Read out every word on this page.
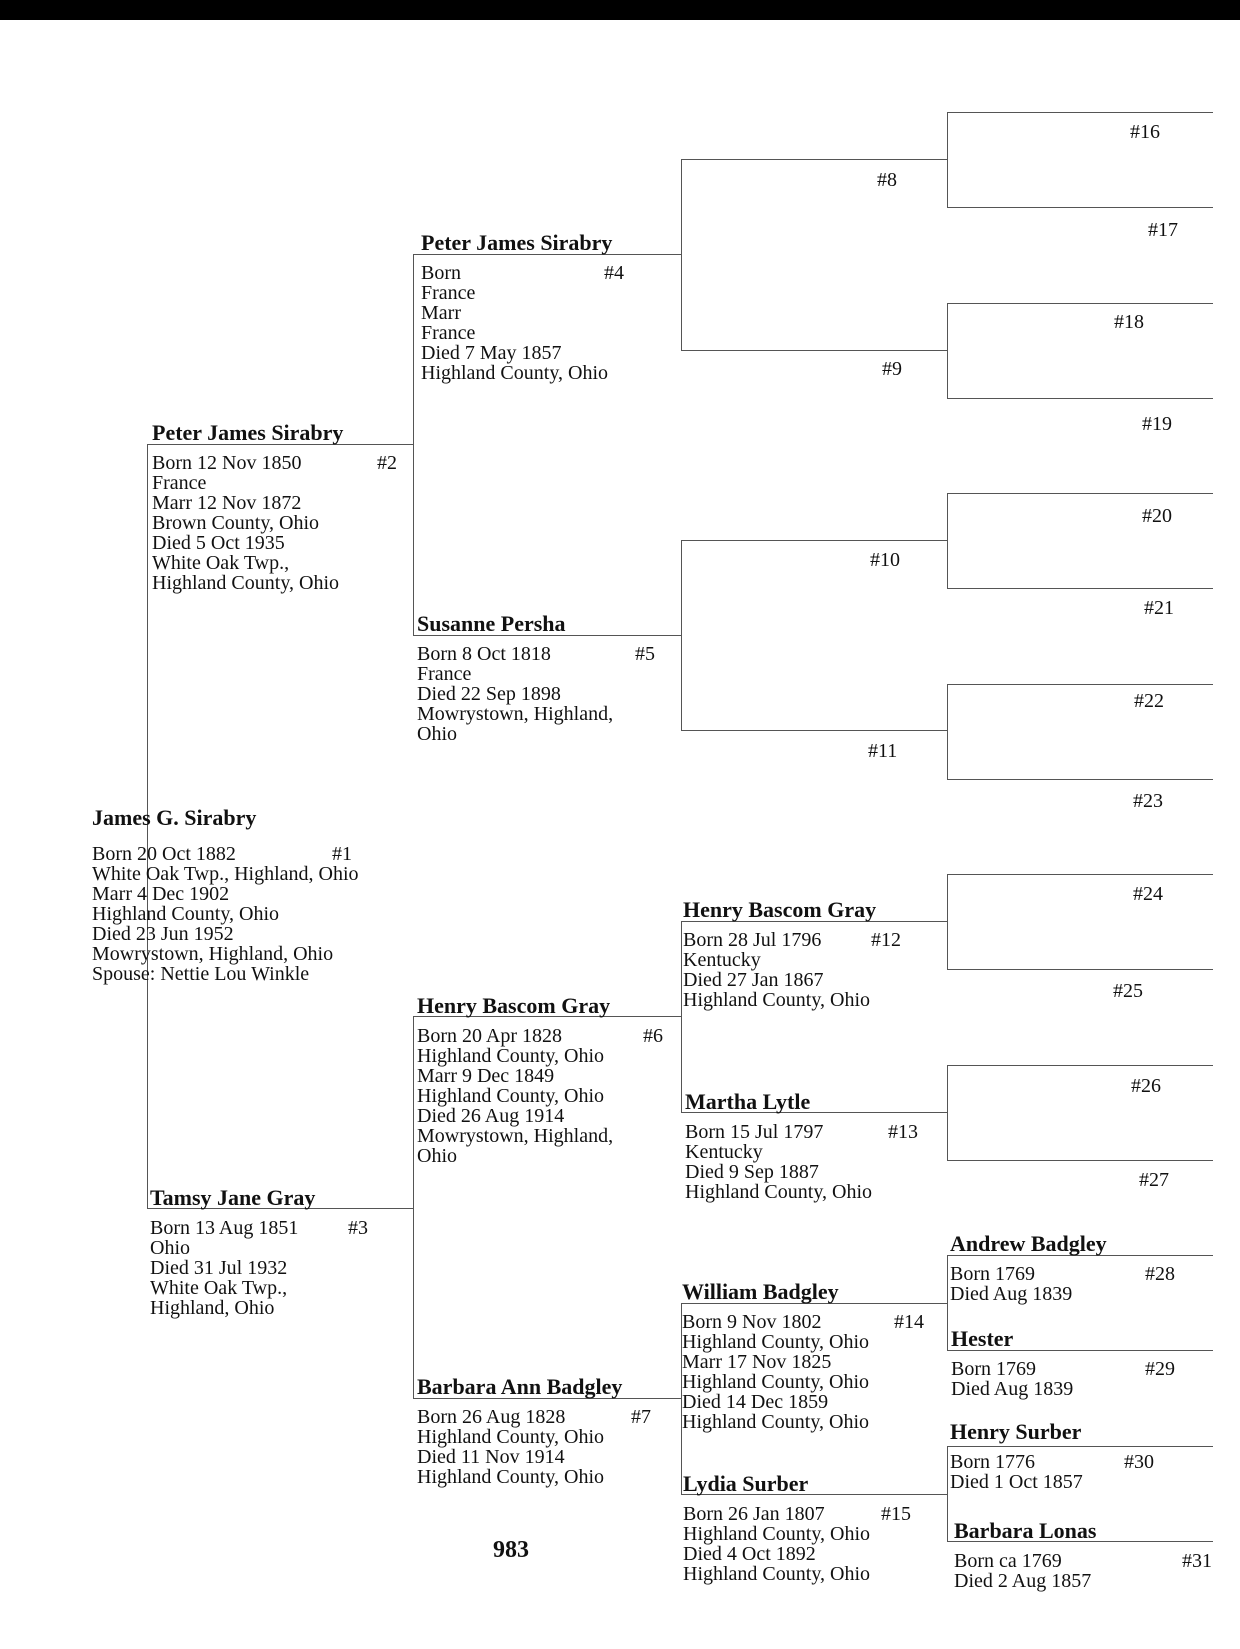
James G. Sirabry
Born 20 Oct 1882	#1
White Oak Twp., Highland, Ohio
Marr 4 Dec 1902
Highland County, Ohio
Died 23 Jun 1952
Mowrystown, Highland, Ohio
Spouse: Nettie Lou Winkle
Peter James Sirabry
Born 12 Nov 1850	#2
France
Marr 12 Nov 1872
Brown County, Ohio
Died 5 Oct 1935
White Oak Twp.,
Highland County, Ohio
Tamsy Jane Gray
Born 13 Aug 1851 #3
Ohio
Died 31 Jul 1932
White Oak Twp.,
Highland, Ohio
Peter James Sirabry
Born	#4
France
Marr
France
Died 7 May 1857
Highland County, Ohio
Susanne Persha
Born 8 Oct 1818	#5
France
Died 22 Sep 1898
Mowrystown, Highland,
Ohio
Henry Bascom Gray
Born 20 Apr 1828	#6
Highland County, Ohio
Marr 9 Dec 1849
Highland County, Ohio
Died 26 Aug 1914
Mowrystown, Highland,
Ohio
Barbara Ann Badgley
Born 26 Aug 1828	#7
Highland County, Ohio
Died 11 Nov 1914
Highland County, Ohio
Henry Bascom Gray
Born 28 Jul 1796 #12
Kentucky
Died 27 Jan 1867
Highland County, Ohio
Martha Lytle
Born 15 Jul 1797	#13
Kentucky
Died 9 Sep 1887
Highland County, Ohio
William Badgley
Born 9 Nov 1802	#14
Highland County, Ohio
Marr 17 Nov 1825
Highland County, Ohio
Died 14 Dec 1859
Highland County, Ohio
Lydia Surber
Born 26 Jan 1807	#15
Highland County, Ohio
Died 4 Oct 1892
Highland County, Ohio
Andrew Badgley
Born 1769	#28
Died Aug 1839
Hester
Born 1769	#29
Died Aug 1839
Henry Surber
Born 1776	#30
Died 1 Oct 1857
Barbara Lonas
Born ca 1769	#31
Died 2 Aug 1857
#8
#9
#10
#11
#16
#17
#18
#19
#20
#21
#22
#23
#24
#25
#26
#27
983
